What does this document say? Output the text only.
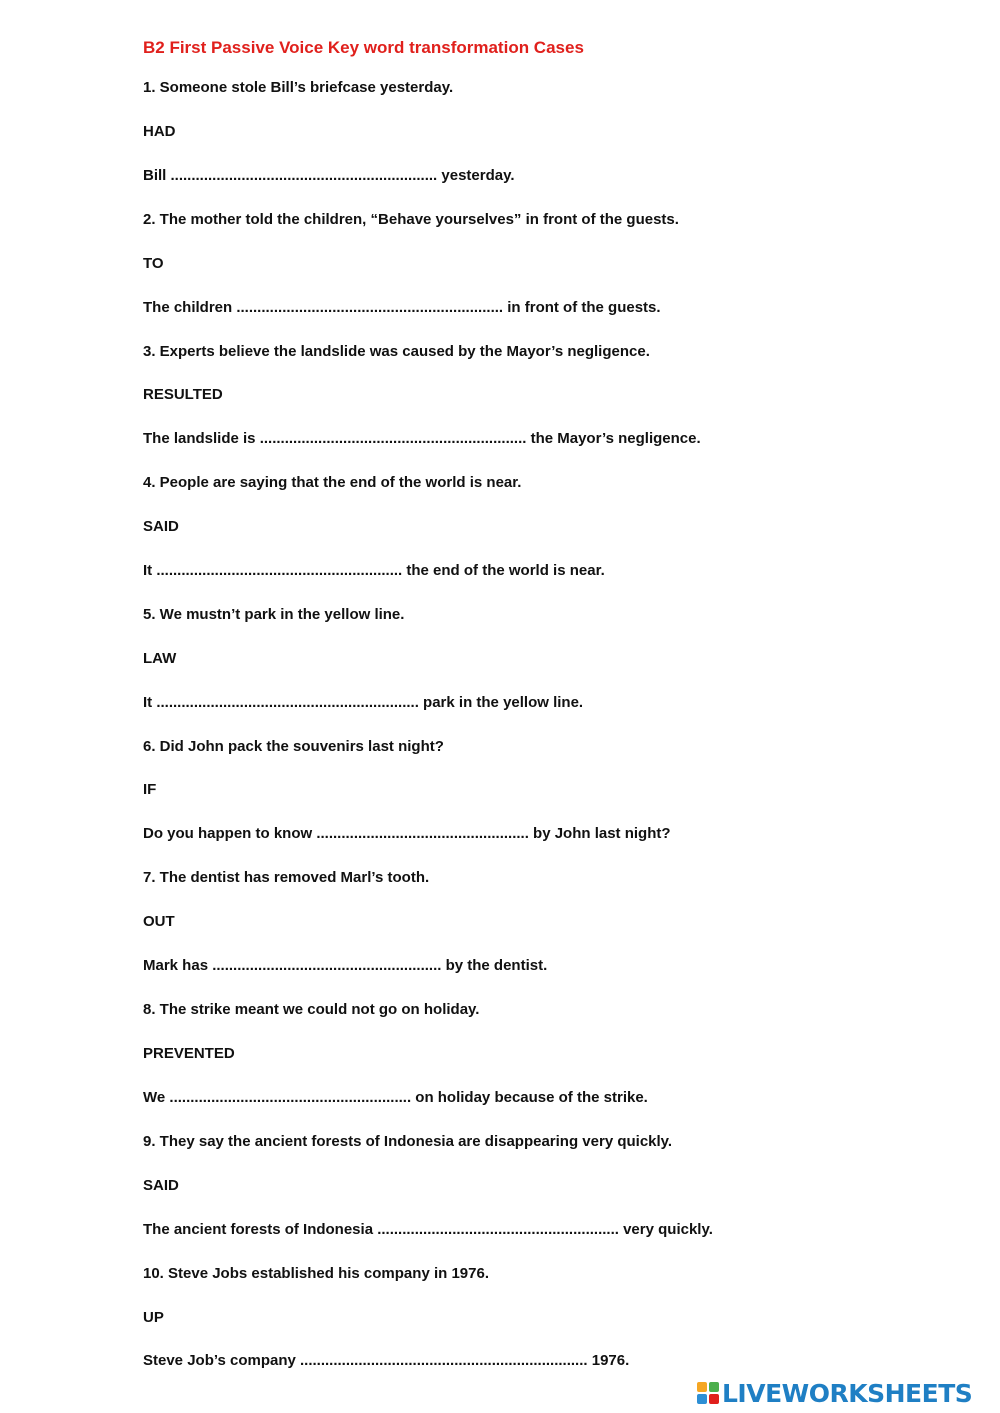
B2 First Passive Voice Key word transformation Cases
1. Someone stole Bill’s briefcase yesterday.
HAD
Bill ................................................................ yesterday.
2. The mother told the children, “Behave yourselves” in front of the guests.
TO
The children ................................................................ in front of the guests.
3. Experts believe the landslide was caused by the Mayor’s negligence.
RESULTED
The landslide is ................................................................ the Mayor’s negligence.
4. People are saying that the end of the world is near.
SAID
It ........................................................... the end of the world is near.
5. We mustn’t park in the yellow line.
LAW
It ............................................................... park in the yellow line.
6. Did John pack the souvenirs last night?
IF
Do you happen to know ................................................... by John last night?
7. The dentist has removed Marl’s tooth.
OUT
Mark has ....................................................... by the dentist.
8. The strike meant we could not go on holiday.
PREVENTED
We .......................................................... on holiday because of the strike.
9. They say the ancient forests of Indonesia are disappearing very quickly.
SAID
The ancient forests of Indonesia .......................................................... very quickly.
10. Steve Jobs established his company in 1976.
UP
Steve Job’s company ..................................................................... 1976.
LIVEWORKSHEETS
